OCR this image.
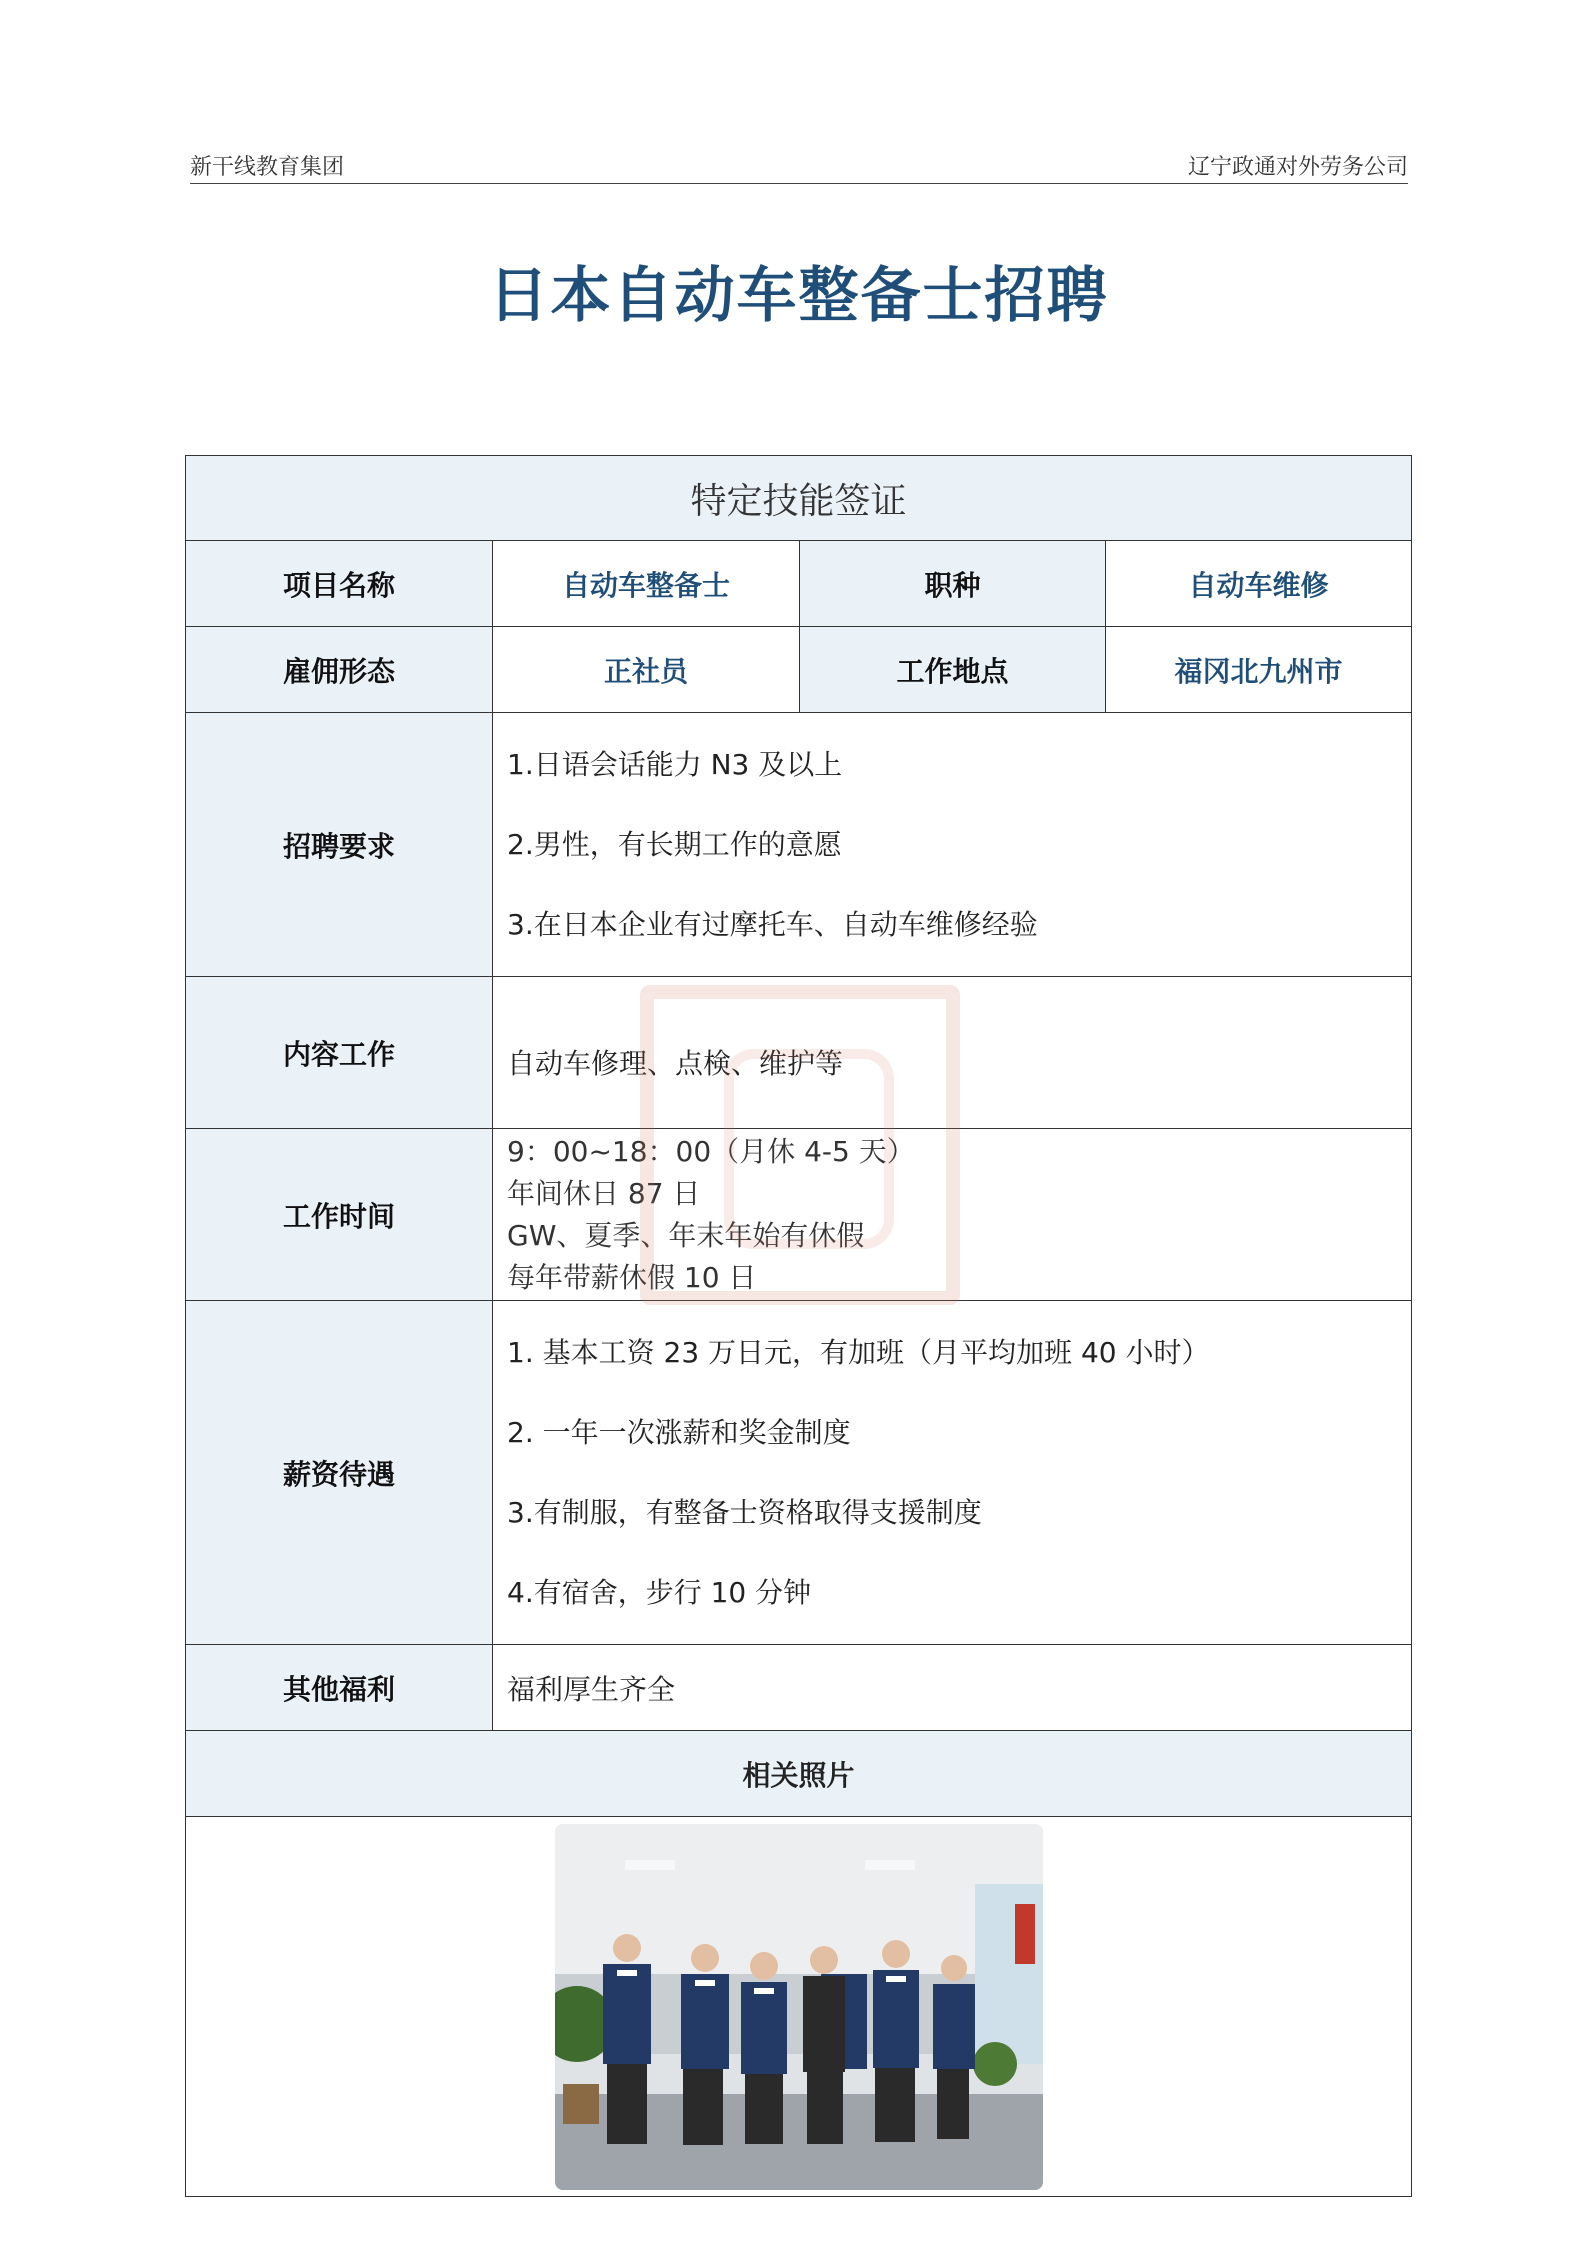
新干线教育集团	辽宁政通对外劳务公司
日本自动车整备士招聘
特定技能签证			
项目名称	自动车整备士	职种	自动车维修
雇佣形态	正社员	工作地点	福冈北九州市
招聘要求	1.日语会话能力 N3 及以上

2.男性，有长期工作的意愿

3.在日本企业有过摩托车、自动车维修经验		

内容工作	自动车修理、点検、维护等		
工作时间	9：00~18：00（月休 4-5 天）

年间休日 87 日

GW、夏季、年末年始有休假

每年带薪休假 10 日		

薪资待遇	1. 基本工资 23 万日元，有加班（月平均加班 40 小时）

2. 一年一次涨薪和奖金制度

3.有制服，有整备士资格取得支援制度

4.有宿舍，步行 10 分钟		

其他福利	福利厚生齐全		
相关照片			
